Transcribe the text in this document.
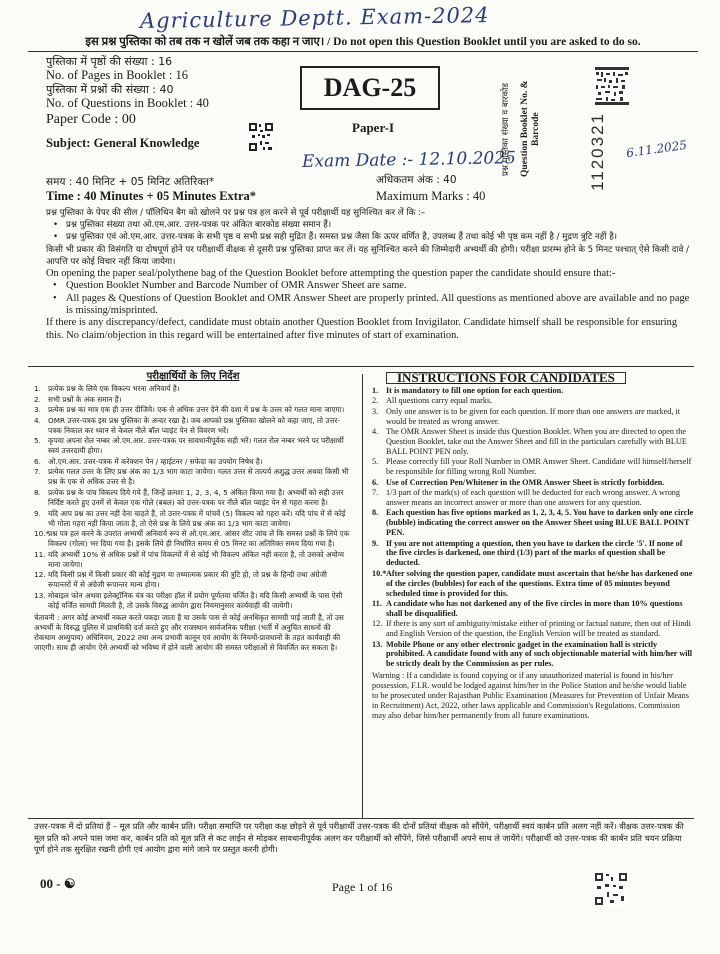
Agriculture Deptt. Exam-2024
इस प्रश्न पुस्तिका को तब तक न खोलें जब तक कहा न जाए। / Do not open this Question Booklet until you are asked to do so.
पुस्तिका में पृष्ठों की संख्या : 16
No. of Pages in Booklet : 16
पुस्तिका में प्रश्नों की संख्या : 40
No. of Questions in Booklet : 40
Paper Code : 00
Subject: General Knowledge
DAG-25
Paper-I
Exam Date :- 12.10.2025
प्रश्न पुस्तिका संख्या व बारकोड Question Booklet No. & Barcode	1120321 6.11.2025
समय : 40 मिनिट + 05 मिनिट अतिरिक्त*	अधिकतम अंक : 40
Time : 40 Minutes + 05 Minutes Extra*	Maximum Marks : 40

प्रश्न पुस्तिका के पेपर की सील / पॉलिथिन बैग को खोलने पर प्रश्न पत्र हल करने से पूर्व परीक्षार्थी यह सुनिश्चित कर लें कि :–

• प्रश्न पुस्तिका संख्या तथा ओ.एम.आर. उत्तर-पत्रक पर अंकित बारकोड संख्या समान हैं।
• प्रश्न पुस्तिका एवं ओ.एम.आर. उत्तर-पत्रक के सभी पृष्ठ व सभी प्रश्न सही मुद्रित हैं। समस्त प्रश्न जैसा कि ऊपर वर्णित है, उपलब्ध हैं तथा कोई भी पृष्ठ कम नहीं है / मुद्रण त्रुटि नहीं है।

किसी भी प्रकार की विसंगति या दोषपूर्ण होने पर परीक्षार्थी वीक्षक से दूसरी प्रश्न पुस्तिका प्राप्त कर लें। यह सुनिश्चित करने की जिम्मेदारी अभ्यर्थी की होगी। परीक्षा प्रारम्भ होने के 5 मिनट पश्चात् ऐसे किसी दावे / आपत्ति पर कोई विचार नहीं किया जायेगा।

On opening the paper seal/polythene bag of the Question Booklet before attempting the question paper the candidate should ensure that:-

• Question Booklet Number and Barcode Number of OMR Answer Sheet are same.
• All pages & Questions of Question Booklet and OMR Answer Sheet are properly printed. All questions as mentioned above are available and no page is missing/misprinted.

If there is any discrepancy/defect, candidate must obtain another Question Booklet from Invigilator. Candidate himself shall be responsible for ensuring this. No claim/objection in this regard will be entertained after five minutes of start of examination.

परीक्षार्थियों के लिए निर्देश
1. प्रत्येक प्रश्न के लिये एक विकल्प भरना अनिवार्य है।
2. सभी प्रश्नों के अंक समान हैं।
3. प्रत्येक प्रश्न का मात्र एक ही उत्तर दीजिये। एक से अधिक उत्तर देने की दशा में प्रश्न के उत्तर को गलत माना जाएगा।
4. OMR उत्तर-पत्रक इस प्रश्न पुस्तिका के अन्दर रखा है। जब आपको प्रश्न पुस्तिका खोलने को कहा जाए, तो उत्तर-पत्रक निकाल कर ध्यान से केवल नीले बॉल प्वाइंट पेन से विवरण भरें।
5. कृपया अपना रोल नम्बर ओ.एम.आर. उत्तर-पत्रक पर सावधानीपूर्वक सही भरें। गलत रोल नम्बर भरने पर परीक्षार्थी स्वयं उत्तरदायी होगा।
6. ओ.एम.आर. उत्तर-पत्रक में करेक्शन पेन / व्हाईटनर / सफेदा का उपयोग निषेध है।
7. प्रत्येक गलत उत्तर के लिए प्रश्न अंक का 1/3 भाग काटा जायेगा। गलत उत्तर से तात्पर्य अशुद्ध उत्तर अथवा किसी भी प्रश्न के एक से अधिक उत्तर से है।
8. प्रत्येक प्रश्न के पांच विकल्प दिये गये हैं, जिन्हें क्रमशः 1, 2, 3, 4, 5 अंकित किया गया है। अभ्यर्थी को सही उत्तर निर्दिष्ट करते हुए उनमें से केवल एक गोले (बबल) को उत्तर-पत्रक पर नीले बॉल प्वाइंट पेन से गहरा करना है।
9. यदि आप प्रश्न का उत्तर नहीं देना चाहते हैं, तो उत्तर-पत्रक में पांचवें (5) विकल्प को गहरा करें। यदि पांच में से कोई भी गोला गहरा नहीं किया जाता है, तो ऐसे प्रश्न के लिये प्रश्न अंक का 1/3 भाग काटा जायेगा।
10.*
प्रश्न पत्र हल करने के उपरांत अभ्यर्थी अनिवार्य रूप से ओ.एम.आर. आंसर शीट जांच लें कि समस्त प्रश्नों के लिये एक विकल्प (गोला) भर दिया गया है। इसके लिये ही निर्धारित समय से 05 मिनट का अतिरिक्त समय दिया गया है।
11. यदि अभ्यर्थी 10% से अधिक प्रश्नों में पांच विकल्पों में से कोई भी विकल्प अंकित नहीं करता है, तो उसको अयोग्य माना जायेगा।
12. यदि किसी प्रश्न में किसी प्रकार की कोई मुद्रण या तथ्यात्मक प्रकार की त्रुटि हो, तो प्रश्न के हिन्दी तथा अंग्रेजी रूपान्तरों में से अंग्रेजी रूपान्तर मान्य होगा।
13. मोबाइल फोन अथवा इलेक्ट्रॉनिक यंत्र का परीक्षा हॉल में प्रयोग पूर्णतया वर्जित है। यदि किसी अभ्यर्थी के पास ऐसी कोई वर्जित सामग्री मिलती है, तो उसके विरुद्ध आयोग द्वारा नियमानुसार कार्यवाही की जायेगी।
चेतावनी : अगर कोई अभ्यर्थी नकल करते पकड़ा जाता है या उसके पास से कोई अनधिकृत सामग्री पाई जाती है, तो उस अभ्यर्थी के विरुद्ध पुलिस में प्राथमिकी दर्ज करते हुए और राजस्थान सार्वजनिक परीक्षा (भर्ती में अनुचित साधनों की रोकथाम अध्युपाय) अधिनियम, 2022 तथा अन्य प्रभावी कानून एवं आयोग के नियमों-प्रावधानों के तहत कार्यवाही की जाएगी। साथ ही आयोग ऐसे अभ्यर्थी को भविष्य में होने वाली आयोग की समस्त परीक्षाओं से विवर्जित कर सकता है।
INSTRUCTIONS FOR CANDIDATES
1. It is mandatory to fill one option for each question.
2. All questions carry equal marks.
3. Only one answer is to be given for each question. If more than one answers are marked, it would be treated as wrong answer.
4. The OMR Answer Sheet is inside this Question Booklet. When you are directed to open the Question Booklet, take out the Answer Sheet and fill in the particulars carefully with BLUE BALL POINT PEN only.
5. Please correctly fill your Roll Number in OMR Answer Sheet. Candidate will himself/herself be responsible for filling wrong Roll Number.
6. Use of Correction Pen/Whitener in the OMR Answer Sheet is strictly forbidden.
7. 1/3 part of the mark(s) of each question will be deducted for each wrong answer. A wrong answer means an incorrect answer or more than one answers for any question.
8. Each question has five options marked as 1, 2, 3, 4, 5. You have to darken only one circle (bubble) indicating the correct answer on the Answer Sheet using BLUE BALL POINT PEN.
9. If you are not attempting a question, then you have to darken the circle '5'. If none of the five circles is darkened, one third (1/3) part of the marks of question shall be deducted.
10.* After solving the question paper, candidate must ascertain that he/she has darkened one of the circles (bubbles) for each of the questions. Extra time of 05 minutes beyond scheduled time is provided for this.
11. A candidate who has not darkened any of the five circles in more than 10% questions shall be disqualified.
12. If there is any sort of ambiguity/mistake either of printing or factual nature, then out of Hindi and English Version of the question, the English Version will be treated as standard.
13. Mobile Phone or any other electronic gadget in the examination hall is strictly prohibited. A candidate found with any of such objectionable material with him/her will be strictly dealt by the Commission as per rules.
Warning : If a candidate is found copying or if any unauthorized material is found in his/her possession, F.I.R. would be lodged against him/her in the Police Station and he/she would liable to be prosecuted under Rajasthan Public Examination (Measures for Prevention of Unfair Means in Recruitment) Act, 2022, other laws applicable and Commission's Regulations. Commission may also debar him/her permanently from all future examinations.
उत्तर-पत्रक में दो प्रतियां हैं – मूल प्रति और कार्बन प्रति। परीक्षा समाप्ति पर परीक्षा कक्ष छोड़ने से पूर्व परीक्षार्थी उत्तर-पत्रक की दोनों प्रतियां वीक्षक को सौंपेंगे, परीक्षार्थी स्वयं कार्बन प्रति अलग नहीं करें। वीक्षक उत्तर-पत्रक की मूल प्रति को अपने पास जमा कर, कार्बन प्रति को मूल प्रति से कट लाईन से मोड़कर सावधानीपूर्वक अलग कर परीक्षार्थी को सौंपेंगे, जिसे परीक्षार्थी अपने साथ ले जायेंगे। परीक्षार्थी को उत्तर-पत्रक की कार्बन प्रति चयन प्रक्रिया पूर्ण होने तक सुरक्षित रखनी होगी एवं आयोग द्वारा मांगे जाने पर प्रस्तुत करनी होगी।
00 - ☯	Page 1 of 16
